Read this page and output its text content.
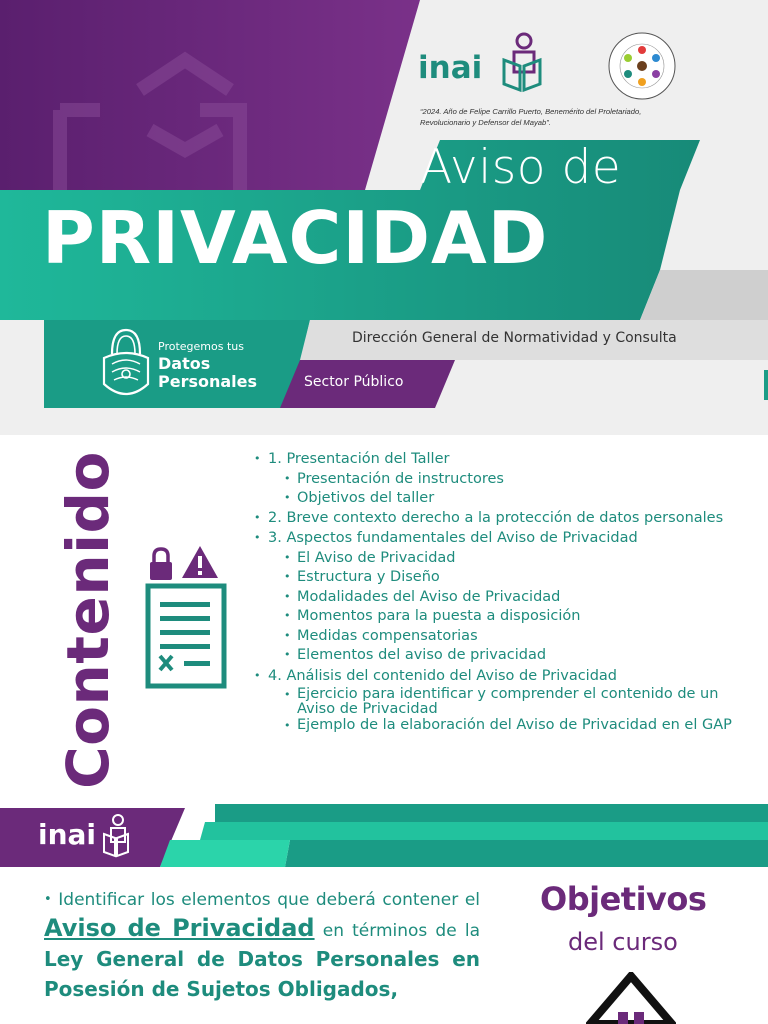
inai
“2024. Año de Felipe Carrillo Puerto, Benemérito del Proletariado,
Revolucionario y Defensor del Mayab”.
Aviso de
PRIVACIDAD
Protegemos tus
Datos
Personales
Dirección General de Normatividad y Consulta
Sector Público
Contenido
•	1. Presentación del Taller
• Presentación de instructores
• Objetivos del taller
• 2. Breve contexto derecho a la protección de datos personales
• 3. Aspectos fundamentales del Aviso de Privacidad
• El Aviso de Privacidad
• Estructura y Diseño
• Modalidades del Aviso de Privacidad
• Momentos para la puesta a disposición
• Medidas compensatorias
• Elementos del aviso de privacidad
• 4. Análisis del contenido del Aviso de Privacidad
• Ejercicio para identificar y comprender el contenido de un Aviso de Privacidad
• Ejemplo de la elaboración del Aviso de Privacidad en el GAP
inai
• Identificar los elementos que deberá contener el Aviso de Privacidad en términos de la Ley General de Datos Personales en Posesión de Sujetos Obligados,
Objetivos
del curso
